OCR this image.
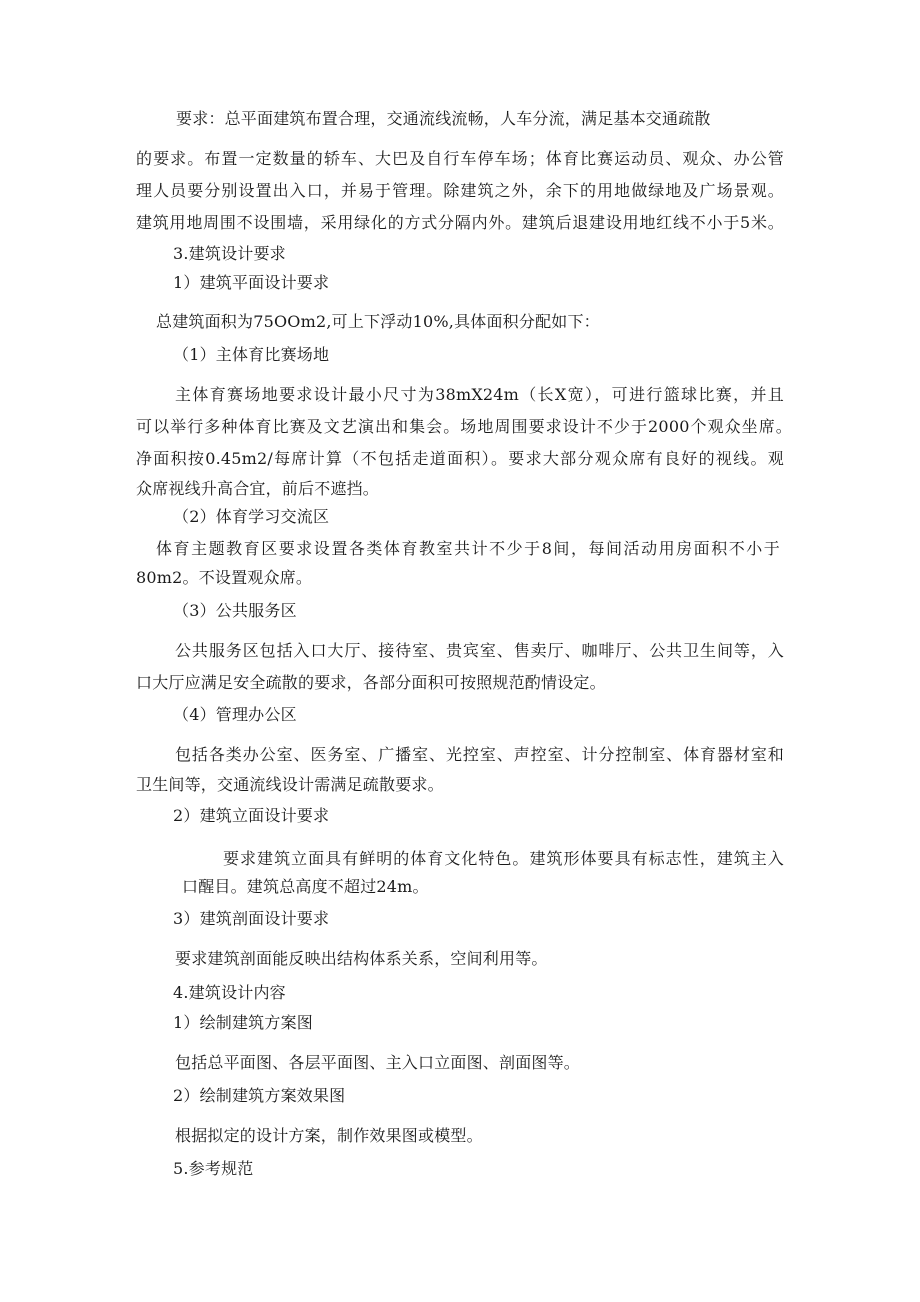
要求：总平面建筑布置合理，交通流线流畅，人车分流，满足基本交通疏散
的要求。布置一定数量的轿车、大巴及自行车停车场；体育比赛运动员、观众、办公管
理人员要分别设置出入口，并易于管理。除建筑之外，余下的用地做绿地及广场景观。
建筑用地周围不设围墙，采用绿化的方式分隔内外。建筑后退建设用地红线不小于5米。
3.建筑设计要求
1）建筑平面设计要求
总建筑面积为75OOm2,可上下浮动10%,具体面积分配如下：
（1）主体育比赛场地
主体育赛场地要求设计最小尺寸为38mX24m（长X宽），可进行篮球比赛，并且
可以举行多种体育比赛及文艺演出和集会。场地周围要求设计不少于2000个观众坐席。
净面积按0.45m2/每席计算（不包括走道面积）。要求大部分观众席有良好的视线。观
众席视线升高合宜，前后不遮挡。
（2）体育学习交流区
体育主题教育区要求设置各类体育教室共计不少于8间，每间活动用房面积不小于
80m2。不设置观众席。
（3）公共服务区
公共服务区包括入口大厅、接待室、贵宾室、售卖厅、咖啡厅、公共卫生间等，入
口大厅应满足安全疏散的要求，各部分面积可按照规范酌情设定。
（4）管理办公区
包括各类办公室、医务室、广播室、光控室、声控室、计分控制室、体育器材室和
卫生间等，交通流线设计需满足疏散要求。
2）建筑立面设计要求
要求建筑立面具有鲜明的体育文化特色。建筑形体要具有标志性，建筑主入
口醒目。建筑总高度不超过24m。
3）建筑剖面设计要求
要求建筑剖面能反映出结构体系关系，空间利用等。
4.建筑设计内容
1）绘制建筑方案图
包括总平面图、各层平面图、主入口立面图、剖面图等。
2）绘制建筑方案效果图
根据拟定的设计方案，制作效果图或模型。
5.参考规范
